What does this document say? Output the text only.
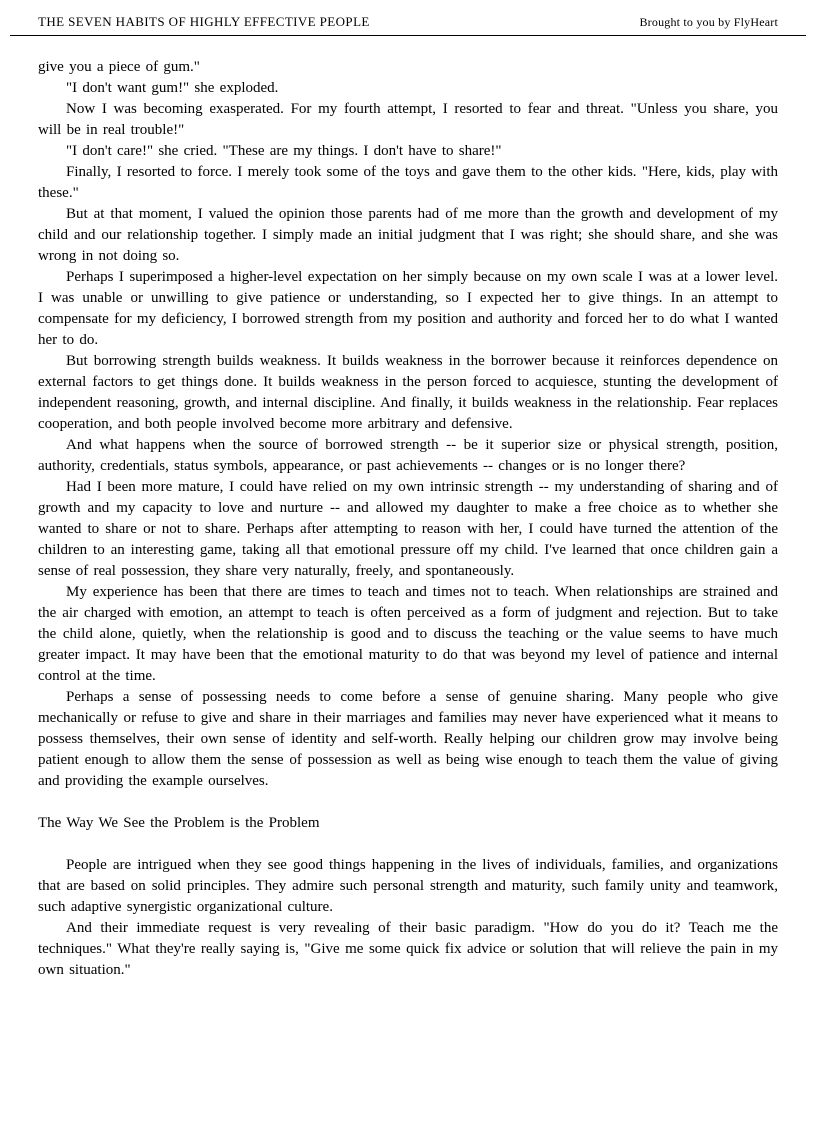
THE SEVEN HABITS OF HIGHLY EFFECTIVE PEOPLE	Brought to you by FlyHeart

give you a piece of gum."

"I don't want gum!" she exploded.

Now I was becoming exasperated. For my fourth attempt, I resorted to fear and threat. "Unless you share, you will be in real trouble!"

"I don't care!" she cried. "These are my things. I don't have to share!"

Finally, I resorted to force. I merely took some of the toys and gave them to the other kids. "Here, kids, play with these."

But at that moment, I valued the opinion those parents had of me more than the growth and development of my child and our relationship together. I simply made an initial judgment that I was right; she should share, and she was wrong in not doing so.

Perhaps I superimposed a higher-level expectation on her simply because on my own scale I was at a lower level. I was unable or unwilling to give patience or understanding, so I expected her to give things. In an attempt to compensate for my deficiency, I borrowed strength from my position and authority and forced her to do what I wanted her to do.

But borrowing strength builds weakness. It builds weakness in the borrower because it reinforces dependence on external factors to get things done. It builds weakness in the person forced to acquiesce, stunting the development of independent reasoning, growth, and internal discipline. And finally, it builds weakness in the relationship. Fear replaces cooperation, and both people involved become more arbitrary and defensive.

And what happens when the source of borrowed strength -- be it superior size or physical strength, position, authority, credentials, status symbols, appearance, or past achievements -- changes or is no longer there?

Had I been more mature, I could have relied on my own intrinsic strength -- my understanding of sharing and of growth and my capacity to love and nurture -- and allowed my daughter to make a free choice as to whether she wanted to share or not to share. Perhaps after attempting to reason with her, I could have turned the attention of the children to an interesting game, taking all that emotional pressure off my child. I've learned that once children gain a sense of real possession, they share very naturally, freely, and spontaneously.

My experience has been that there are times to teach and times not to teach. When relationships are strained and the air charged with emotion, an attempt to teach is often perceived as a form of judgment and rejection. But to take the child alone, quietly, when the relationship is good and to discuss the teaching or the value seems to have much greater impact. It may have been that the emotional maturity to do that was beyond my level of patience and internal control at the time.

Perhaps a sense of possessing needs to come before a sense of genuine sharing. Many people who give mechanically or refuse to give and share in their marriages and families may never have experienced what it means to possess themselves, their own sense of identity and self-worth. Really helping our children grow may involve being patient enough to allow them the sense of possession as well as being wise enough to teach them the value of giving and providing the example ourselves.

The Way We See the Problem is the Problem

People are intrigued when they see good things happening in the lives of individuals, families, and organizations that are based on solid principles. They admire such personal strength and maturity, such family unity and teamwork, such adaptive synergistic organizational culture.

And their immediate request is very revealing of their basic paradigm. "How do you do it? Teach me the techniques." What they're really saying is, "Give me some quick fix advice or solution that will relieve the pain in my own situation."
